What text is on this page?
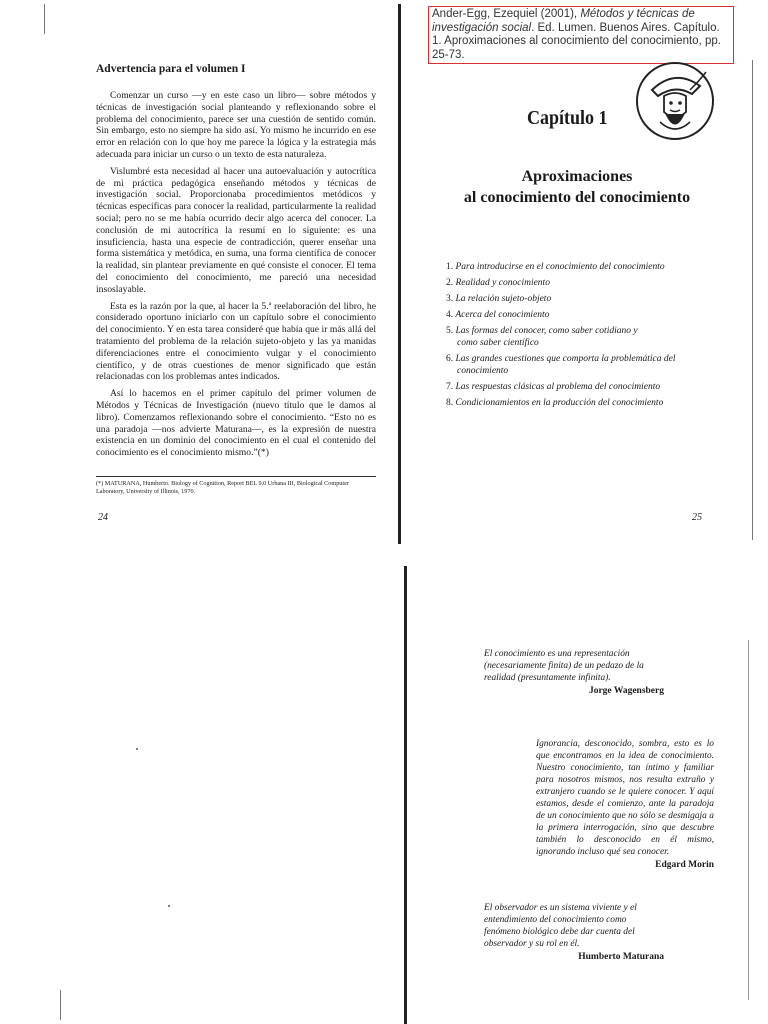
Ander-Egg, Ezequiel (2001), Métodos y técnicas de investigación social. Ed. Lumen. Buenos Aires. Capítulo. 1. Aproximaciones al conocimiento del conocimiento, pp. 25-73.
Advertencia para el volumen I

Comenzar un curso —y en este caso un libro— sobre métodos y técnicas de investigación social planteando y reflexionando sobre el problema del conocimiento, parece ser una cuestión de sentido común. Sin embargo, esto no siempre ha sido así. Yo mismo he incurrido en ese error en relación con lo que hoy me parece la lógica y la estrategia más adecuada para iniciar un curso o un texto de esta naturaleza.

Vislumbré esta necesidad al hacer una autoevaluación y autocrítica de mi práctica pedagógica enseñando métodos y técnicas de investigación social. Proporcionaba procedimientos metódicos y técnicas específicas para conocer la realidad, particularmente la realidad social; pero no se me había ocurrido decir algo acerca del conocer. La conclusión de mi autocrítica la resumí en lo siguiente: es una insuficiencia, hasta una especie de contradicción, querer enseñar una forma sistemática y metódica, en suma, una forma científica de conocer la realidad, sin plantear previamente en qué consiste el conocer. El tema del conocimiento del conocimiento, me pareció una necesidad insoslayable.

Esta es la razón por la que, al hacer la 5.ª reelaboración del libro, he considerado oportuno iniciarlo con un capítulo sobre el conocimiento del conocimiento. Y en esta tarea consideré que había que ir más allá del tratamiento del problema de la relación sujeto-objeto y las ya manidas diferenciaciones entre el conocimiento vulgar y el conocimiento científico, y de otras cuestiones de menor significado que están relacionadas con los problemas antes indicados.

Así lo hacemos en el primer capítulo del primer volumen de Métodos y Técnicas de Investigación (nuevo título que le damos al libro). Comenzamos reflexionando sobre el conocimiento. “Esto no es una paradoja —nos advierte Maturana—, es la expresión de nuestra existencia en un dominio del conocimiento en el cual el contenido del conocimiento es el conocimiento mismo.”(*)

(*) MATURANA, Humberto. Biology of Cognition, Report BEL 9.0 Urbana III, Biological Computer Laboratory, University of Illinois, 1970.
24
Capítulo 1
Aproximaciones
al conocimiento del conocimiento
1. Para introducirse en el conocimiento del conocimiento
2. Realidad y conocimiento
3. La relación sujeto-objeto
4. Acerca del conocimiento
5. Las formas del conocer, como saber cotidiano y como saber científico
6. Las grandes cuestiones que comporta la problemática del conocimiento
7. Las respuestas clásicas al problema del conocimiento
8. Condicionamientos en la producción del conocimiento
25
El conocimiento es una representación (necesariamente finita) de un pedazo de la realidad (presuntamente infinita).
Jorge Wagensberg
Ignorancia, desconocido, sombra, esto es lo que encontramos en la idea de conocimiento. Nuestro conocimiento, tan íntimo y familiar para nosotros mismos, nos resulta extraño y extranjero cuando se le quiere conocer. Y aquí estamos, desde el comienzo, ante la paradoja de un conocimiento que no sólo se desmigaja a la primera interrogación, sino que descubre también lo desconocido en él mismo, ignorando incluso qué sea conocer.
Edgard Morin
El observador es un sistema viviente y el entendimiento del conocimiento como fenómeno biológico debe dar cuenta del observador y su rol en él.
Humberto Maturana
